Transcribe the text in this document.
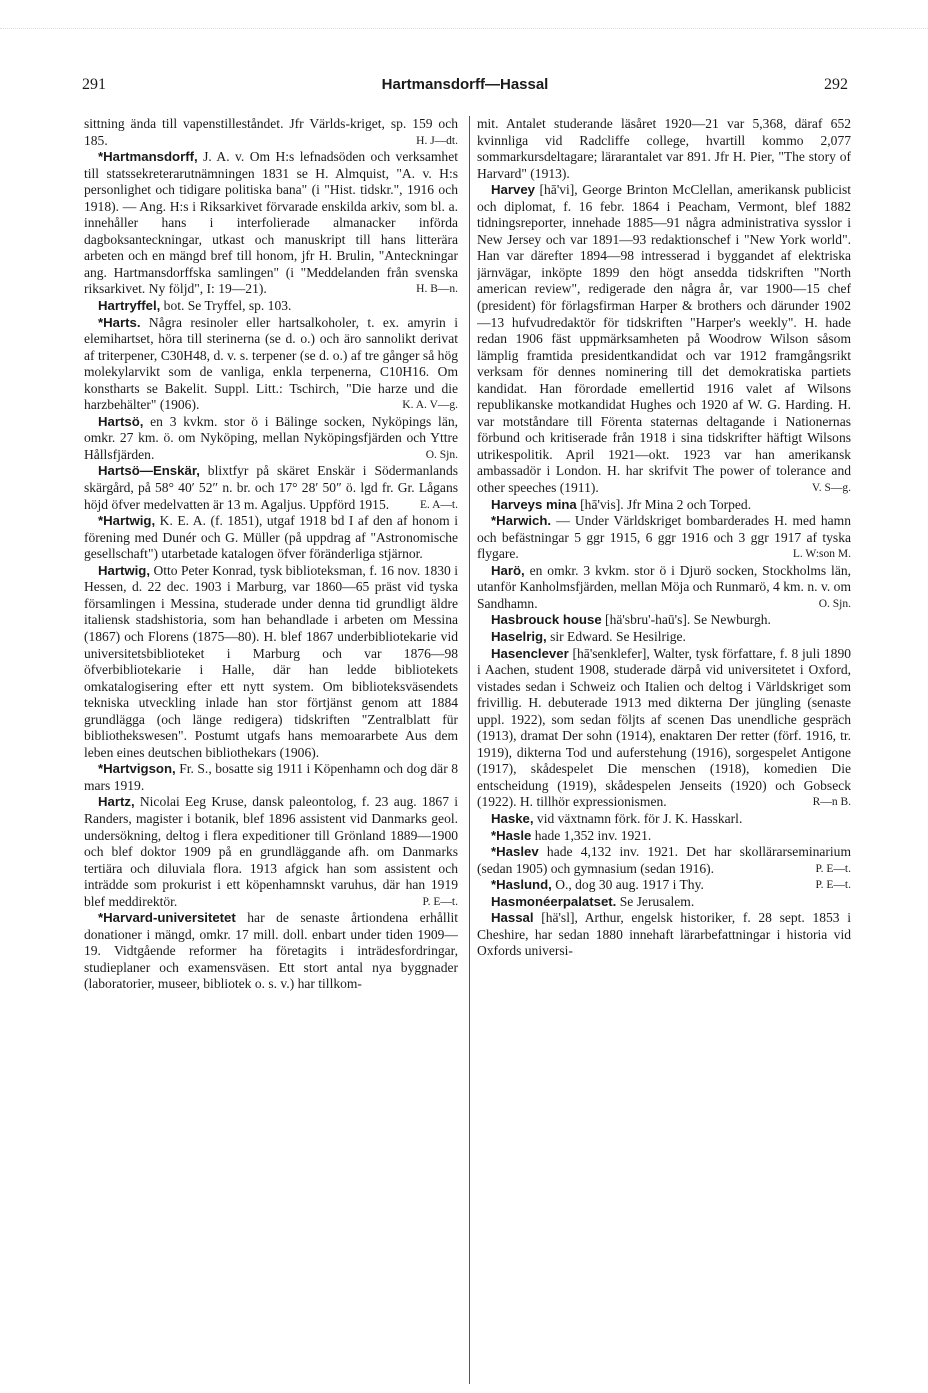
291	Hartmansdorff—Hassal	292

sittning ända till vapenstilleståndet. Jfr Världs-kriget, sp. 159 och 185.	H. J—dt.

*Hartmansdorff, J. A. v. Om H:s lefnadsöden och verksamhet till statssekreterarutnämningen 1831 se H. Almquist, "A. v. H:s personlighet och tidigare politiska bana" (i "Hist. tidskr.", 1916 och 1918). — Ang. H:s i Riksarkivet förvarade enskilda arkiv, som bl. a. innehåller hans i interfolierade almanacker införda dagboksanteckningar, utkast och manuskript till hans litterära arbeten och en mängd bref till honom, jfr H. Brulin, "Anteckningar ang. Hartmansdorffska samlingen" (i "Meddelanden från svenska riksarkivet. Ny följd", I: 19—21).	H. B—n.

Hartryffel, bot. Se Tryffel, sp. 103.

*Harts. Några resinoler eller hartsalkoholer, t. ex. amyrin i elemihartset, höra till sterinerna (se d. o.) och äro sannolikt derivat af triterpener, C30H48, d. v. s. terpener (se d. o.) af tre gånger så hög molekylarvikt som de vanliga, enkla terpenerna, C10H16. Om konstharts se Bakelit. Suppl. Litt.: Tschirch, "Die harze und die harzbehälter" (1906).	K. A. V—g.

Hartsö, en 3 kvkm. stor ö i Bälinge socken, Nyköpings län, omkr. 27 km. ö. om Nyköping, mellan Nyköpingsfjärden och Yttre Hållsfjärden.	O. Sjn.

Hartsö—Enskär, blixtfyr på skäret Enskär i Södermanlands skärgård, på 58° 40′ 52″ n. br. och 17° 28′ 50″ ö. lgd fr. Gr. Lågans höjd öfver medelvatten är 13 m. Agaljus. Uppförd 1915.	E. A—t.

*Hartwig, K. E. A. (f. 1851), utgaf 1918 bd I af den af honom i förening med Dunér och G. Müller (på uppdrag af "Astronomische gesellschaft") utarbetade katalogen öfver föränderliga stjärnor.

Hartwig, Otto Peter Konrad, tysk biblioteksman, f. 16 nov. 1830 i Hessen, d. 22 dec. 1903 i Marburg, var 1860—65 präst vid tyska församlingen i Messina, studerade under denna tid grundligt äldre italiensk stadshistoria, som han behandlade i arbeten om Messina (1867) och Florens (1875—80). H. blef 1867 underbibliotekarie vid universitetsbiblioteket i Marburg och var 1876—98 öfverbibliotekarie i Halle, där han ledde bibliotekets omkatalogisering efter ett nytt system. Om biblioteksväsendets tekniska utveckling inlade han stor förtjänst genom att 1884 grundlägga (och länge redigera) tidskriften "Zentralblatt für bibliothekswesen". Postumt utgafs hans memoararbete Aus dem leben eines deutschen bibliothekars (1906).

*Hartvigson, Fr. S., bosatte sig 1911 i Köpenhamn och dog där 8 mars 1919.

Hartz, Nicolai Eeg Kruse, dansk paleontolog, f. 23 aug. 1867 i Randers, magister i botanik, blef 1896 assistent vid Danmarks geol. undersökning, deltog i flera expeditioner till Grönland 1889—1900 och blef doktor 1909 på en grundläggande afh. om Danmarks tertiära och diluviala flora. 1913 afgick han som assistent och inträdde som prokurist i ett köpenhamnskt varuhus, där han 1919 blef meddirektör.	P. E—t.

*Harvard-universitetet har de senaste årtiondena erhållit donationer i mängd, omkr. 17 mill. doll. enbart under tiden 1909—19. Vidtgående reformer ha företagits i inträdesfordringar, studieplaner och examensväsen. Ett stort antal nya byggnader (laboratorier, museer, bibliotek o. s. v.) har tillkom-

mit. Antalet studerande läsåret 1920—21 var 5,368, däraf 652 kvinnliga vid Radcliffe college, hvartill kommo 2,077 sommarkursdeltagare; lärarantalet var 891. Jfr H. Pier, "The story of Harvard" (1913).

Harvey [hā'vi], George Brinton McClellan, amerikansk publicist och diplomat, f. 16 febr. 1864 i Peacham, Vermont, blef 1882 tidningsreporter, innehade 1885—91 några administrativa sysslor i New Jersey och var 1891—93 redaktionschef i "New York world". Han var därefter 1894—98 intresserad i byggandet af elektriska järnvägar, inköpte 1899 den högt ansedda tidskriften "North american review", redigerade den några år, var 1900—15 chef (president) för förlagsfirman Harper & brothers och därunder 1902—13 hufvudredaktör för tidskriften "Harper's weekly". H. hade redan 1906 fäst uppmärksamheten på Woodrow Wilson såsom lämplig framtida presidentkandidat och var 1912 framgångsrikt verksam för dennes nominering till det demokratiska partiets kandidat. Han förordade emellertid 1916 valet af Wilsons republikanske motkandidat Hughes och 1920 af W. G. Harding. H. var motståndare till Förenta staternas deltagande i Nationernas förbund och kritiserade från 1918 i sina tidskrifter häftigt Wilsons utrikespolitik. April 1921—okt. 1923 var han amerikansk ambassadör i London. H. har skrifvit The power of tolerance and other speeches (1911).	V. S—g.

Harveys mina [hā'vis]. Jfr Mina 2 och Torped.

*Harwich. — Under Världskriget bombarderades H. med hamn och befästningar 5 ggr 1915, 6 ggr 1916 och 3 ggr 1917 af tyska flygare.	L. W:son M.

Harö, en omkr. 3 kvkm. stor ö i Djurö socken, Stockholms län, utanför Kanholmsfjärden, mellan Möja och Runmarö, 4 km. n. v. om Sandhamn.	O. Sjn.

Hasbrouck house [hä'sbru'-haū's]. Se Newburgh.

Haselrig, sir Edward. Se Hesilrige.

Hasenclever [hā'senklefer], Walter, tysk författare, f. 8 juli 1890 i Aachen, student 1908, studerade därpå vid universitetet i Oxford, vistades sedan i Schweiz och Italien och deltog i Världskriget som frivillig. H. debuterade 1913 med dikterna Der jüngling (senaste uppl. 1922), som sedan följts af scenen Das unendliche gespräch (1913), dramat Der sohn (1914), enaktaren Der retter (förf. 1916, tr. 1919), dikterna Tod und auferstehung (1916), sorgespelet Antigone (1917), skådespelet Die menschen (1918), komedien Die entscheidung (1919), skådespelen Jenseits (1920) och Gobseck (1922). H. tillhör expressionismen.	R—n B.

Haske, vid växtnamn förk. för J. K. Hasskarl.

*Hasle hade 1,352 inv. 1921.

*Haslev hade 4,132 inv. 1921. Det har skollärarseminarium (sedan 1905) och gymnasium (sedan 1916).	P. E—t.

*Haslund, O., dog 30 aug. 1917 i Thy.	P. E—t.

Hasmonéerpalatset. Se Jerusalem.

Hassal [hä'sl], Arthur, engelsk historiker, f. 28 sept. 1853 i Cheshire, har sedan 1880 innehaft lärarbefattningar i historia vid Oxfords universi-
